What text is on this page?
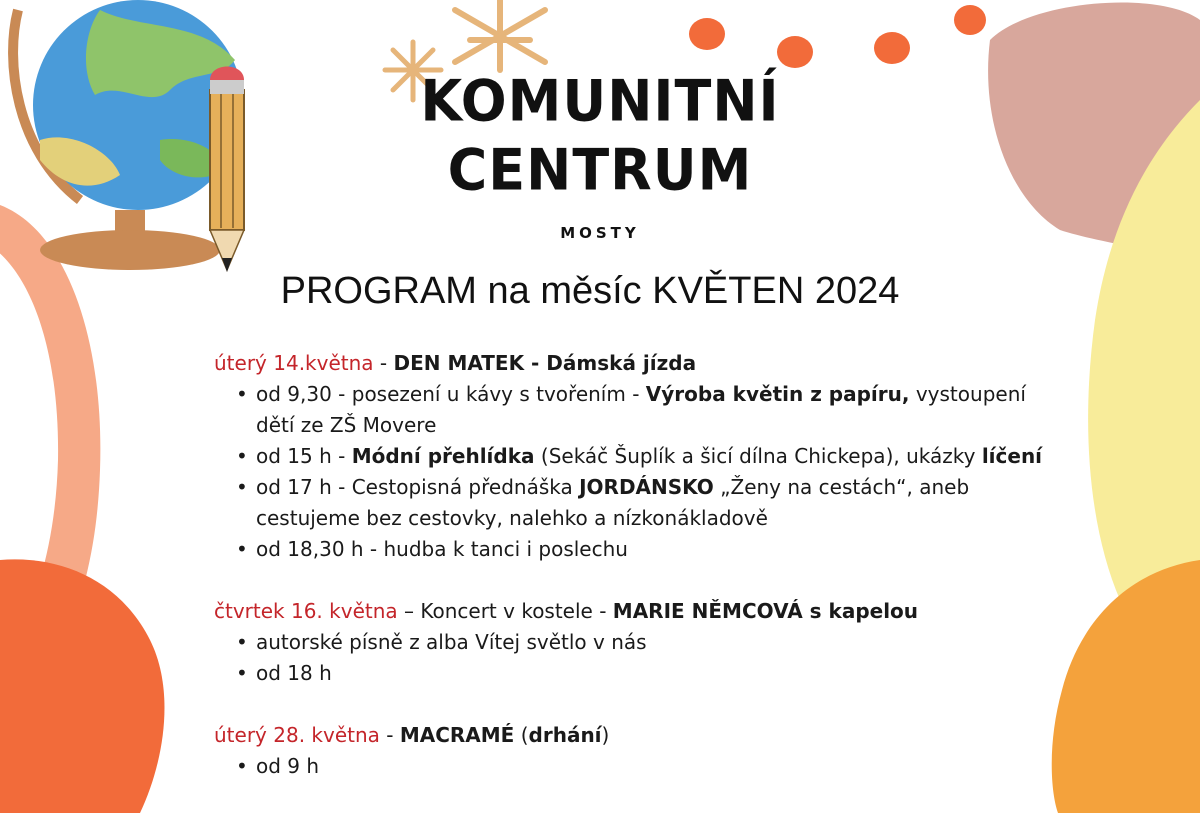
KOMUNITNÍ
CENTRUM
MOSTY
PROGRAM na měsíc KVĚTEN 2024
úterý 14.května - DEN MATEK - Dámská jízda
• od 9,30 - posezení u kávy s tvořením - Výroba květin z papíru, vystoupení dětí ze ZŠ Movere
• od 15 h - Módní přehlídka (Sekáč Šuplík a šicí dílna Chickepa), ukázky líčení
• od 17 h - Cestopisná přednáška JORDÁNSKO „Ženy na cestách“, aneb cestujeme bez cestovky, nalehko a nízkonákladově
• od 18,30 h - hudba k tanci i poslechu
čtvrtek 16. května – Koncert v kostele - MARIE NĚMCOVÁ s kapelou
• autorské písně z alba Vítej světlo v nás
• od 18 h
úterý 28. května - MACRAMÉ (drhání)
• od 9 h
